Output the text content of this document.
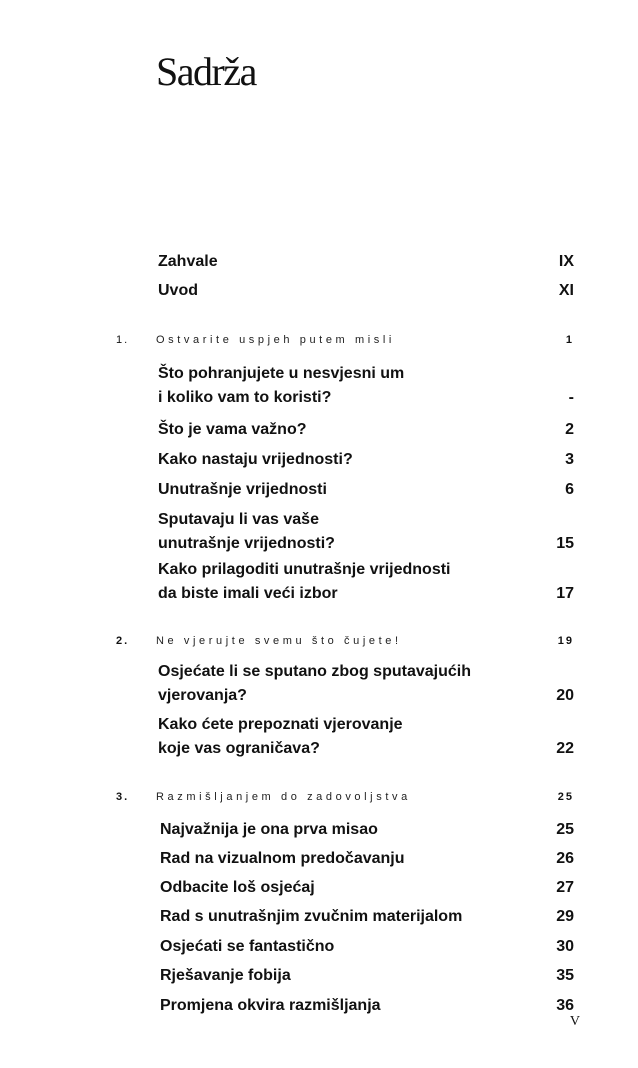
Sadrža
Zahvale	IX
Uvod	XI
1. Ostvarite uspjeh putem misli	1
Što pohranjujete u nesvjesni um
i koliko vam to koristi?	-
Što je vama važno?	2
Kako nastaju vrijednosti?	3
Unutrašnje vrijednosti	6
Sputavaju li vas vaše
unutrašnje vrijednosti?	15
Kako prilagoditi unutrašnje vrijednosti
da biste imali veći izbor	17
2. Ne vjerujte svemu što čujete!	19
Osjećate li se sputano zbog sputavajućih
vjerovanja?	20
Kako ćete prepoznati vjerovanje
koje vas ograničava?	22
3. Razmišljanjem do zadovoljstva	25
Najvažnija je ona prva misao	25
Rad na vizualnom predočavanju	26
Odbacite loš osjećaj	27
Rad s unutrašnjim zvučnim materijalom	29
Osjećati se fantastično	30
Rješavanje fobija	35
Promjena okvira razmišljanja	36
V
